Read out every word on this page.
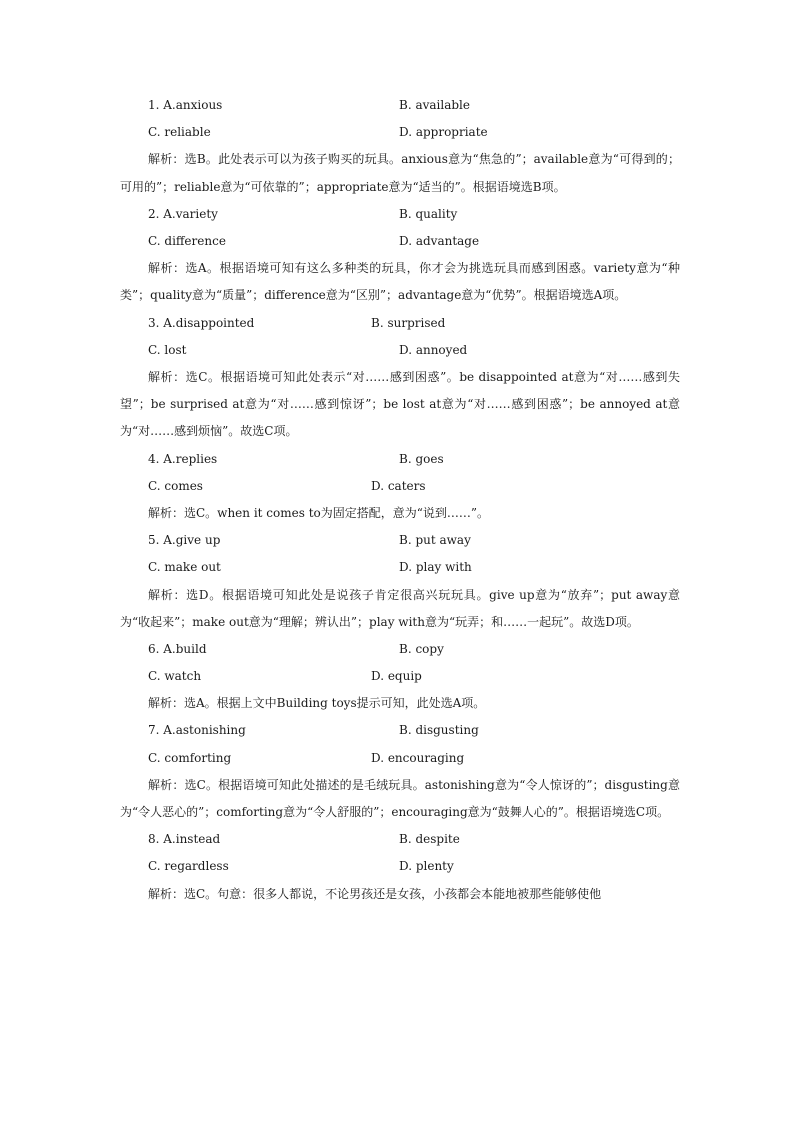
1. A.anxious	B. available
C. reliable	D. appropriate

解析：选B。此处表示可以为孩子购买的玩具。anxious意为“焦急的”；available意为“可得到的；可用的”；reliable意为“可依靠的”；appropriate意为“适当的”。根据语境选B项。

2. A.variety	B. quality
C. difference	D. advantage

解析：选A。根据语境可知有这么多种类的玩具，你才会为挑选玩具而感到困惑。variety意为“种类”；quality意为“质量”；difference意为“区别”；advantage意为“优势”。根据语境选A项。

3. A.disappointed	B. surprised
C. lost	D. annoyed

解析：选C。根据语境可知此处表示“对……感到困惑”。be disappointed at意为“对……感到失望”；be surprised at意为“对……感到惊讶”；be lost at意为“对……感到困惑”；be annoyed at意为“对……感到烦恼”。故选C项。

4. A.replies	B. goes
C. comes	D. caters

解析：选C。when it comes to为固定搭配，意为“说到……”。

5. A.give up	B. put away
C. make out	D. play with

解析：选D。根据语境可知此处是说孩子肯定很高兴玩玩具。give up意为“放弃”；put away意为“收起来”；make out意为“理解；辨认出”；play with意为“玩弄；和……一起玩”。故选D项。

6. A.build	B. copy
C. watch	D. equip

解析：选A。根据上文中Building toys提示可知，此处选A项。

7. A.astonishing	B. disgusting
C. comforting	D. encouraging

解析：选C。根据语境可知此处描述的是毛绒玩具。astonishing意为“令人惊讶的”；disgusting意为“令人恶心的”；comforting意为“令人舒服的”；encouraging意为“鼓舞人心的”。根据语境选C项。

8. A.instead	B. despite
C. regardless	D. plenty

解析：选C。句意：很多人都说，不论男孩还是女孩，小孩都会本能地被那些能够使他
